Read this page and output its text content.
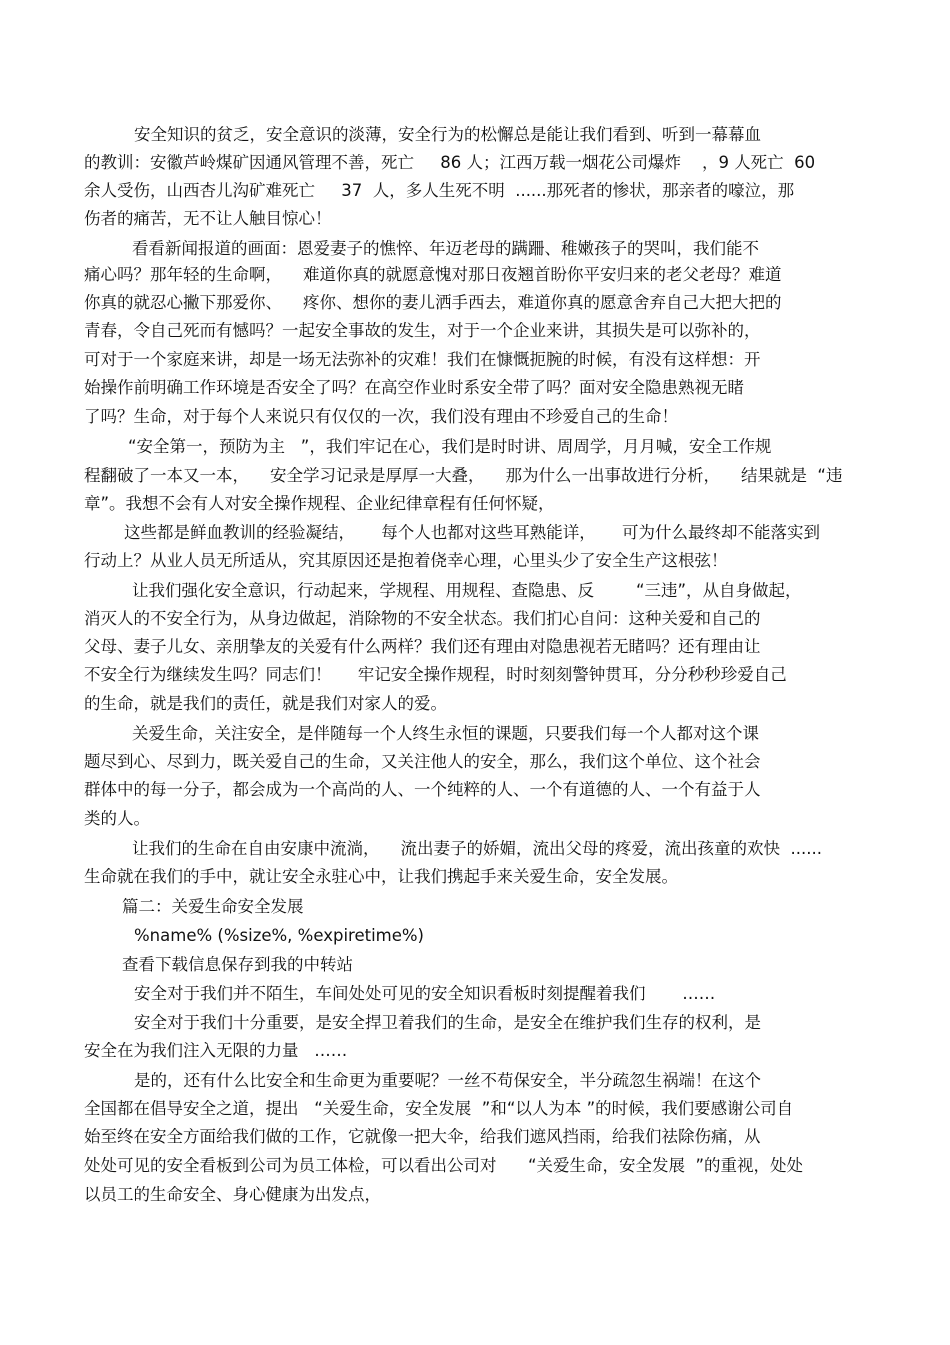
安全知识的贫乏，安全意识的淡薄，安全行为的松懈总是能让我们看到、听到一幕幕血
的教训：安徽芦岭煤矿因通风管理不善，死亡     86 人；江西万载一烟花公司爆炸    ，9 人死亡  60
余人受伤，山西杏儿沟矿难死亡     37  人，多人生死不明  ......那死者的惨状，那亲者的嚎泣，那
伤者的痛苦，无不让人触目惊心！
看看新闻报道的画面：恩爱妻子的憔悴、年迈老母的蹒跚、稚嫩孩子的哭叫，我们能不
痛心吗？那年轻的生命啊，    难道你真的就愿意愧对那日夜翘首盼你平安归来的老父老母？难道
你真的就忍心撇下那爱你、    疼你、想你的妻儿洒手西去，难道你真的愿意舍弃自己大把大把的
青春，令自己死而有憾吗？一起安全事故的发生，对于一个企业来讲，其损失是可以弥补的，
可对于一个家庭来讲，却是一场无法弥补的灾难！我们在慷慨扼腕的时候，有没有这样想：开
始操作前明确工作环境是否安全了吗？在高空作业时系安全带了吗？面对安全隐患熟视无睹
了吗？生命，对于每个人来说只有仅仅的一次，我们没有理由不珍爱自己的生命！
“安全第一，预防为主   ”，我们牢记在心，我们是时时讲、周周学，月月喊，安全工作规
程翻破了一本又一本，    安全学习记录是厚厚一大叠，    那为什么一出事故进行分析，    结果就是  “违
章”。我想不会有人对安全操作规程、企业纪律章程有任何怀疑，
这些都是鲜血教训的经验凝结，     每个人也都对这些耳熟能详，     可为什么最终却不能落实到
行动上？从业人员无所适从，究其原因还是抱着侥幸心理，心里头少了安全生产这根弦！
让我们强化安全意识，行动起来，学规程、用规程、查隐患、反        “三违”，从自身做起，
消灭人的不安全行为，从身边做起，消除物的不安全状态。我们扪心自问：这种关爱和自己的
父母、妻子儿女、亲朋挚友的关爱有什么两样？我们还有理由对隐患视若无睹吗？还有理由让
不安全行为继续发生吗？同志们！     牢记安全操作规程，时时刻刻警钟贯耳，分分秒秒珍爱自己
的生命，就是我们的责任，就是我们对家人的爱。
关爱生命，关注安全，是伴随每一个人终生永恒的课题，只要我们每一个人都对这个课
题尽到心、尽到力，既关爱自己的生命，又关注他人的安全，那么，我们这个单位、这个社会
群体中的每一分子，都会成为一个高尚的人、一个纯粹的人、一个有道德的人、一个有益于人
类的人。
让我们的生命在自由安康中流淌，    流出妻子的娇媚，流出父母的疼爱，流出孩童的欢快  ......
生命就在我们的手中，就让安全永驻心中，让我们携起手来关爱生命，安全发展。
篇二：关爱生命安全发展
%name% (%size%, %expiretime%)
查看下载信息保存到我的中转站
安全对于我们并不陌生，车间处处可见的安全知识看板时刻提醒着我们       ……
安全对于我们十分重要，是安全捍卫着我们的生命，是安全在维护我们生存的权利，是
安全在为我们注入无限的力量   ……
是的，还有什么比安全和生命更为重要呢？一丝不苟保安全，半分疏忽生祸端！在这个
全国都在倡导安全之道，提出   “关爱生命，安全发展  ”和“以人为本 ”的时候，我们要感谢公司自
始至终在安全方面给我们做的工作，它就像一把大伞，给我们遮风挡雨，给我们祛除伤痛，从
处处可见的安全看板到公司为员工体检，可以看出公司对      “关爱生命，安全发展  ”的重视，处处
以员工的生命安全、身心健康为出发点，
